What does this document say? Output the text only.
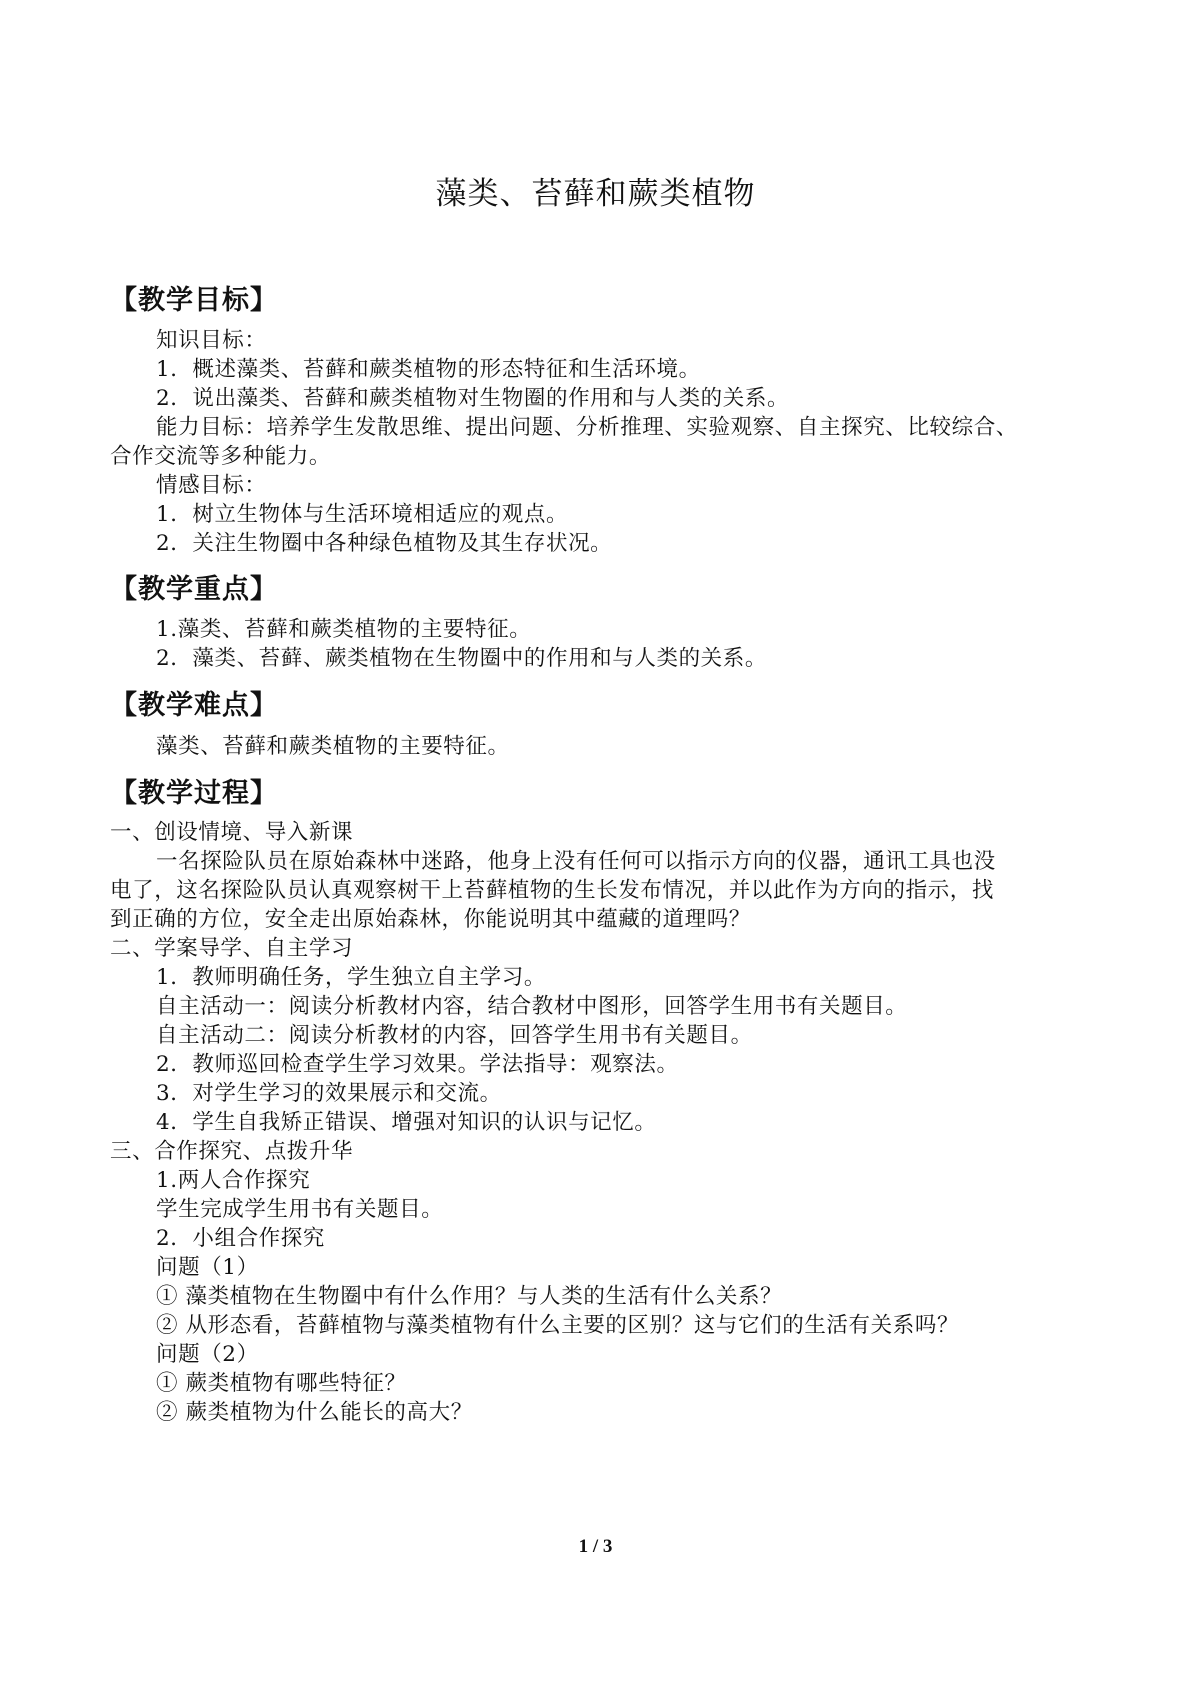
藻类、苔藓和蕨类植物
【教学目标】
知识目标：
1．概述藻类、苔藓和蕨类植物的形态特征和生活环境。
2．说出藻类、苔藓和蕨类植物对生物圈的作用和与人类的关系。
能力目标：培养学生发散思维、提出问题、分析推理、实验观察、自主探究、比较综合、
合作交流等多种能力。
情感目标：
1．树立生物体与生活环境相适应的观点。
2．关注生物圈中各种绿色植物及其生存状况。
【教学重点】
1.藻类、苔藓和蕨类植物的主要特征。
2．藻类、苔藓、蕨类植物在生物圈中的作用和与人类的关系。
【教学难点】
藻类、苔藓和蕨类植物的主要特征。
【教学过程】
一、创设情境、导入新课
一名探险队员在原始森林中迷路，他身上没有任何可以指示方向的仪器，通讯工具也没
电了，这名探险队员认真观察树干上苔藓植物的生长发布情况，并以此作为方向的指示，找
到正确的方位，安全走出原始森林，你能说明其中蕴藏的道理吗？
二、学案导学、自主学习
1．教师明确任务，学生独立自主学习。
自主活动一：阅读分析教材内容，结合教材中图形，回答学生用书有关题目。
自主活动二：阅读分析教材的内容，回答学生用书有关题目。
2．教师巡回检查学生学习效果。学法指导：观察法。
3．对学生学习的效果展示和交流。
4．学生自我矫正错误、增强对知识的认识与记忆。
三、合作探究、点拨升华
1.两人合作探究
学生完成学生用书有关题目。
2．小组合作探究
问题（1）
① 藻类植物在生物圈中有什么作用？与人类的生活有什么关系？
② 从形态看，苔藓植物与藻类植物有什么主要的区别？这与它们的生活有关系吗？
问题（2）
① 蕨类植物有哪些特征？
② 蕨类植物为什么能长的高大？
1 / 3
